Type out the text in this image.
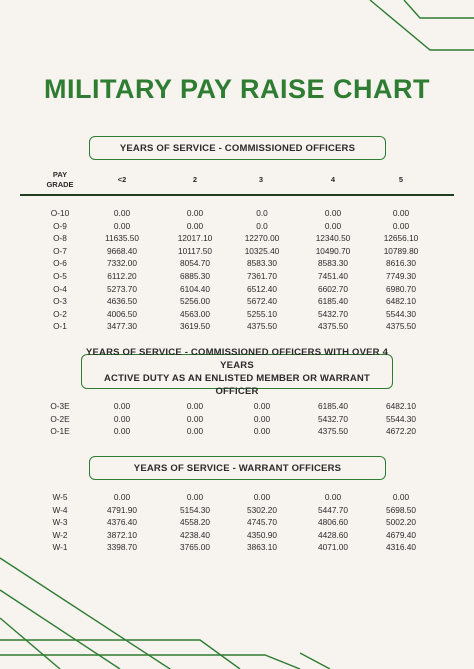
MILITARY PAY RAISE CHART
YEARS OF SERVICE - COMMISSIONED OFFICERS
PAY
GRADE
<2	2	3	4	5
O-10	0.00	0.00	0.0	0.00	0.00
O-9	0.00	0.00	0.0	0.00	0.00
O-8	11635.50	12017.10	12270.00	12340.50	12656.10
O-7	9668.40	10117.50	10325.40	10490.70	10789.80
O-6	7332.00	8054.70	8583.30	8583.30	8616.30
O-5	6112.20	6885.30	7361.70	7451.40	7749.30
O-4	5273.70	6104.40	6512.40	6602.70	6980.70
O-3	4636.50	5256.00	5672.40	6185.40	6482.10
O-2	4006.50	4563.00	5255.10	5432.70	5544.30
O-1	3477.30	3619.50	4375.50	4375.50	4375.50
YEARS OF SERVICE - COMMISSIONED OFFICERS WITH OVER 4 YEARS
ACTIVE DUTY AS AN ENLISTED MEMBER OR WARRANT OFFICER
O-3E	0.00	0.00	0.00	6185.40	6482.10
O-2E	0.00	0.00	0.00	5432.70	5544.30
O-1E	0.00	0.00	0.00	4375.50	4672.20
YEARS OF SERVICE - WARRANT OFFICERS
W-5	0.00	0.00	0.00	0.00	0.00
W-4	4791.90	5154.30	5302.20	5447.70	5698.50
W-3	4376.40	4558.20	4745.70	4806.60	5002.20
W-2	3872.10	4238.40	4350.90	4428.60	4679.40
W-1	3398.70	3765.00	3863.10	4071.00	4316.40
